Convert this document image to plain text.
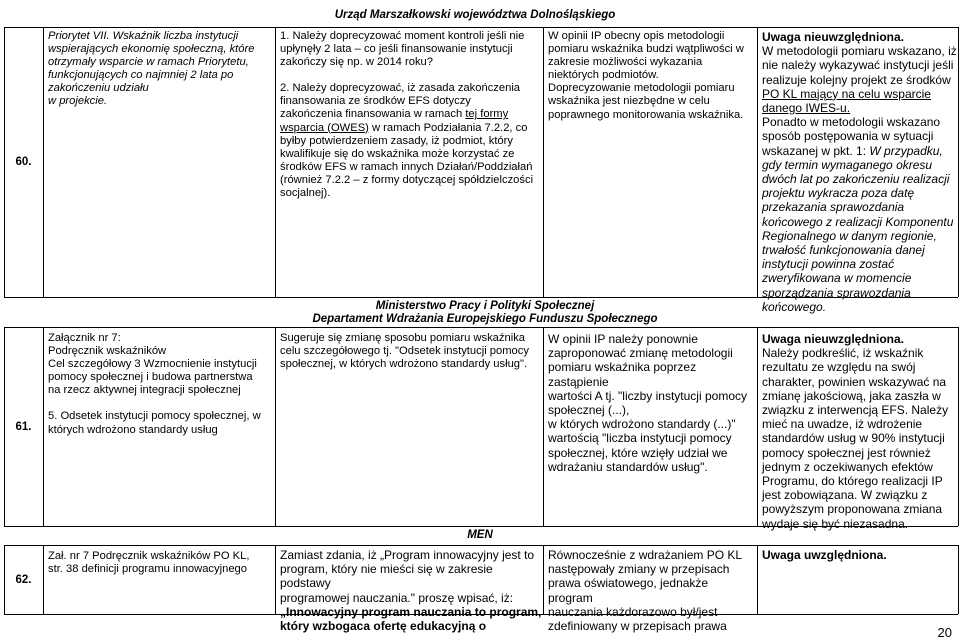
Urząd Marszałkowski województwa Dolnośląskiego
Ministerstwo Pracy i Polityki Społecznej
Departament Wdrażania Europejskiego Funduszu Społecznego
MEN
60.

Priorytet VII. Wskaźnik liczba instytucji

wspierających ekonomię społeczną, które

otrzymały wsparcie w ramach Priorytetu,

funkcjonujących co najmniej 2 lata po

zakończeniu udziału

w projekcie.

1. Należy doprecyzować moment kontroli jeśli nie

upłynęły 2 lata – co jeśli finansowanie instytucji

zakończy się np. w 2014 roku?

2. Należy doprecyzować, iż zasada zakończenia

finansowania ze środków EFS dotyczy

zakończenia finansowania w ramach tej formy

wsparcia (OWES) w ramach Podziałania 7.2.2, co

byłby potwierdzeniem zasady, iż podmiot, który

kwalifikuje się do wskaźnika może korzystać ze

środków EFS w ramach innych Działań/Poddziałań

(również 7.2.2 – z formy dotyczącej spółdzielczości

socjalnej).

W opinii IP obecny opis metodologii

pomiaru wskaźnika budzi wątpliwości w

zakresie możliwości wykazania

niektórych podmiotów.

Doprecyzowanie metodologii pomiaru

wskaźnika jest niezbędne w celu

poprawnego monitorowania wskaźnika.

Uwaga nieuwzględniona.

W metodologii pomiaru wskazano, iż

nie należy wykazywać instytucji jeśli

realizuje kolejny projekt ze środków

PO KL mający na celu wsparcie

danego IWES-u.

Ponadto w metodologii wskazano

sposób postępowania w sytuacji

wskazanej w pkt. 1: W przypadku,

gdy termin wymaganego okresu

dwóch lat po zakończeniu realizacji

projektu wykracza poza datę

przekazania sprawozdania

końcowego z realizacji Komponentu

Regionalnego w danym regionie,

trwałość funkcjonowania danej

instytucji powinna zostać

zweryfikowana w momencie

sporządzania sprawozdania

końcowego.

61.

Załącznik nr 7:

Podręcznik wskaźników

Cel szczegółowy 3 Wzmocnienie instytucji

pomocy społecznej i budowa partnerstwa

na rzecz aktywnej integracji społecznej

5. Odsetek instytucji pomocy społecznej, w

których wdrożono standardy usług

Sugeruje się zmianę sposobu pomiaru wskaźnika

celu szczegółowego tj. "Odsetek instytucji pomocy

społecznej, w których wdrożono standardy usług".

W opinii IP należy ponownie

zaproponować zmianę metodologii

pomiaru wskaźnika poprzez zastąpienie

wartości A tj. "liczby instytucji pomocy

społecznej (...),

w których wdrożono standardy (...)"

wartością "liczba instytucji pomocy

społecznej, które wzięły udział we

wdrażaniu standardów usług".

Uwaga nieuwzględniona.

Należy podkreślić, iż wskaźnik

rezultatu ze względu na swój

charakter, powinien wskazywać na

zmianę jakościową, jaka zaszła w

związku z interwencją EFS. Należy

mieć na uwadze, iż wdrożenie

standardów usług w 90% instytucji

pomocy społecznej jest również

jednym z oczekiwanych efektów

Programu, do którego realizacji IP

jest zobowiązana. W związku z

powyższym proponowana zmiana

wydaje się być niezasadna.

62.

Zał. nr 7 Podręcznik wskaźników PO KL,

str. 38 definicji programu innowacyjnego

Zamiast zdania, iż „Program innowacyjny jest to

program, który nie mieści się w zakresie podstawy

programowej nauczania." proszę wpisać, iż:

„Innowacyjny program nauczania to program,

który wzbogaca ofertę edukacyjną o

Równocześnie z wdrażaniem PO KL

następowały zmiany w przepisach

prawa oświatowego, jednakże program

nauczania każdorazowo był/jest

zdefiniowany w przepisach prawa

Uwaga uwzględniona.

20
